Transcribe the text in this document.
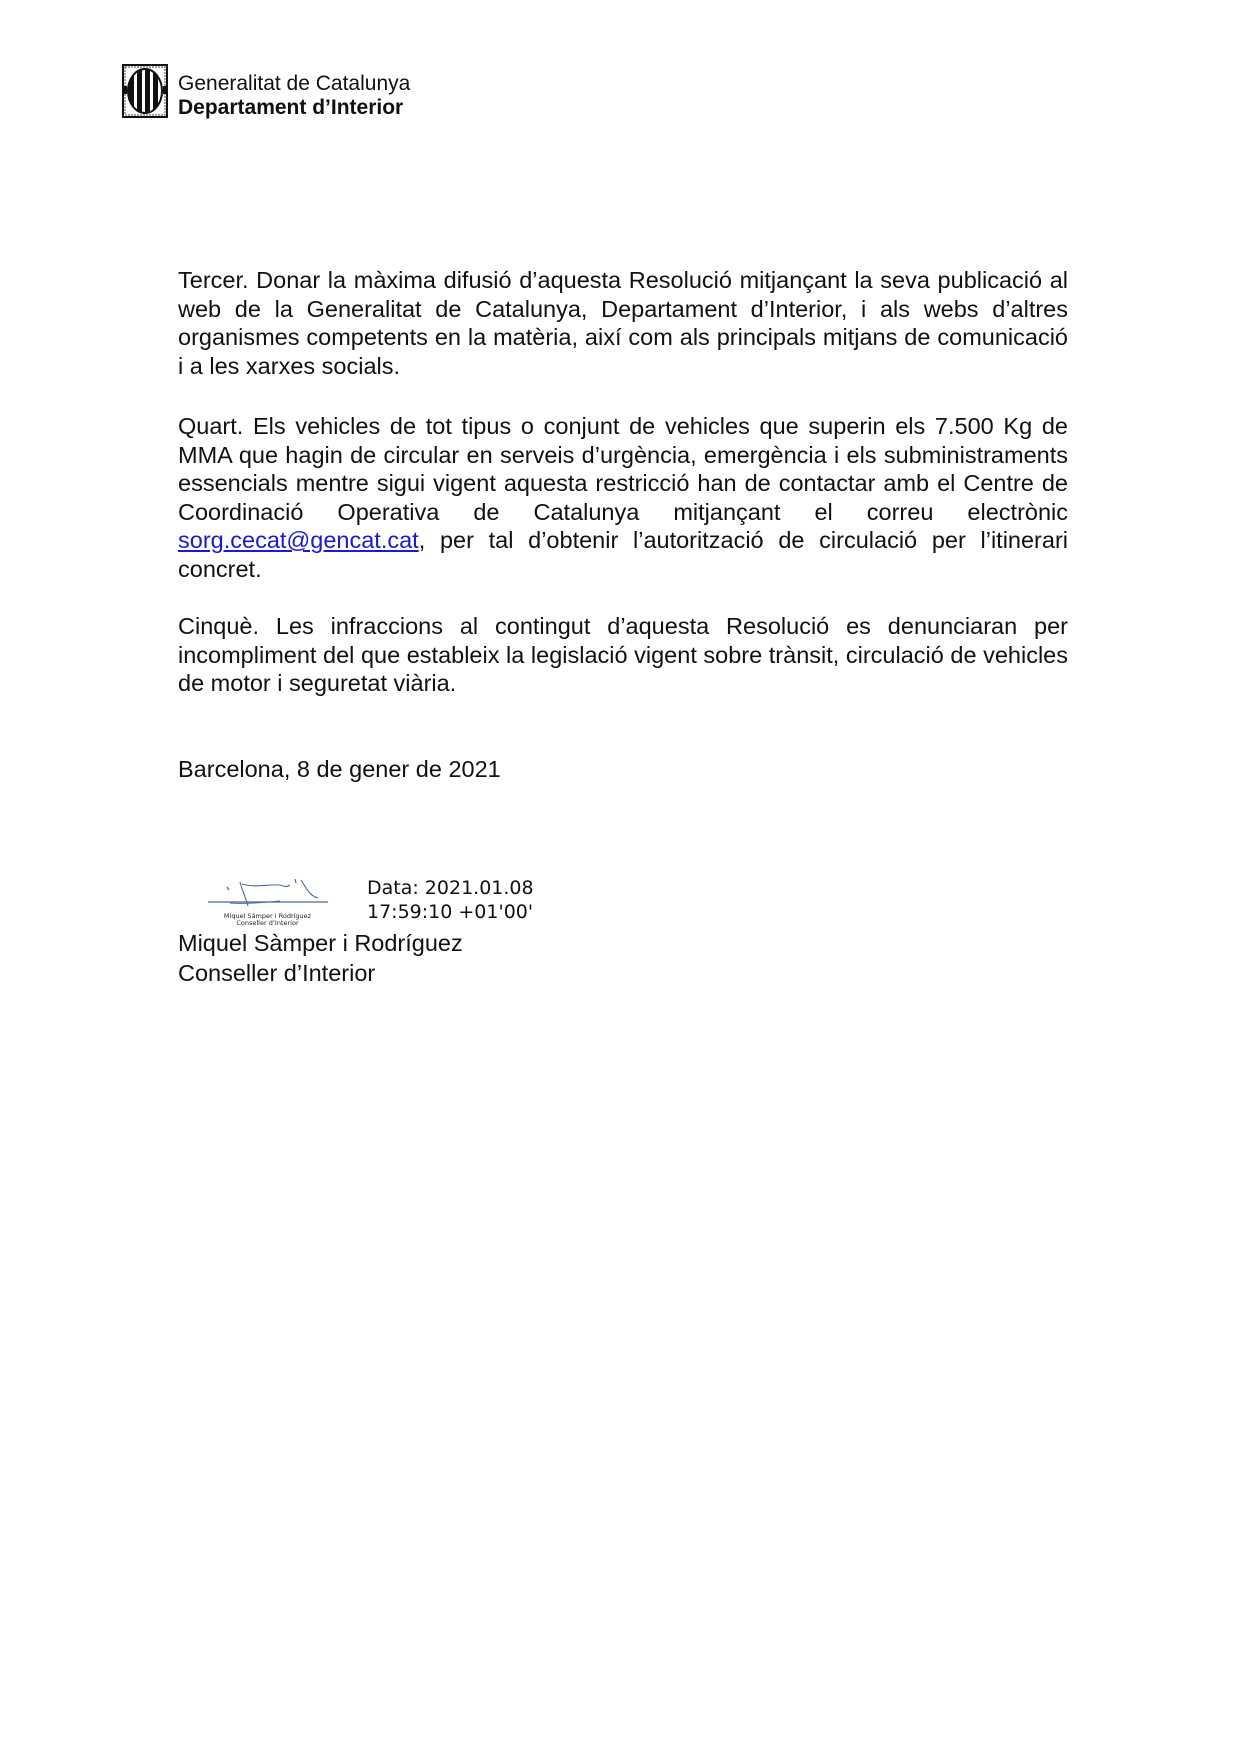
Generalitat de Catalunya
Departament d’Interior

Tercer. Donar la màxima difusió d’aquesta Resolució mitjançant la seva publicació al web de la Generalitat de Catalunya, Departament d’Interior, i als webs d’altres organismes competents en la matèria, així com als principals mitjans de comunicació i a les xarxes socials.

Quart. Els vehicles de tot tipus o conjunt de vehicles que superin els 7.500 Kg de MMA que hagin de circular en serveis d’urgència, emergència i els subministraments essencials mentre sigui vigent aquesta restricció han de contactar amb el Centre de Coordinació Operativa de Catalunya mitjançant el correu electrònic sorg.cecat@gencat.cat, per tal d’obtenir l’autorització de circulació per l’itinerari concret.

Cinquè. Les infraccions al contingut d’aquesta Resolució es denunciaran per incompliment del que estableix la legislació vigent sobre trànsit, circulació de vehicles de motor i seguretat viària.

Barcelona, 8 de gener de 2021
Miquel Sàmper i Rodríguez
Conseller d’Interior
Data: 2021.01.08
17:59:10 +01'00'
Miquel Sàmper i Rodríguez
Conseller d’Interior
